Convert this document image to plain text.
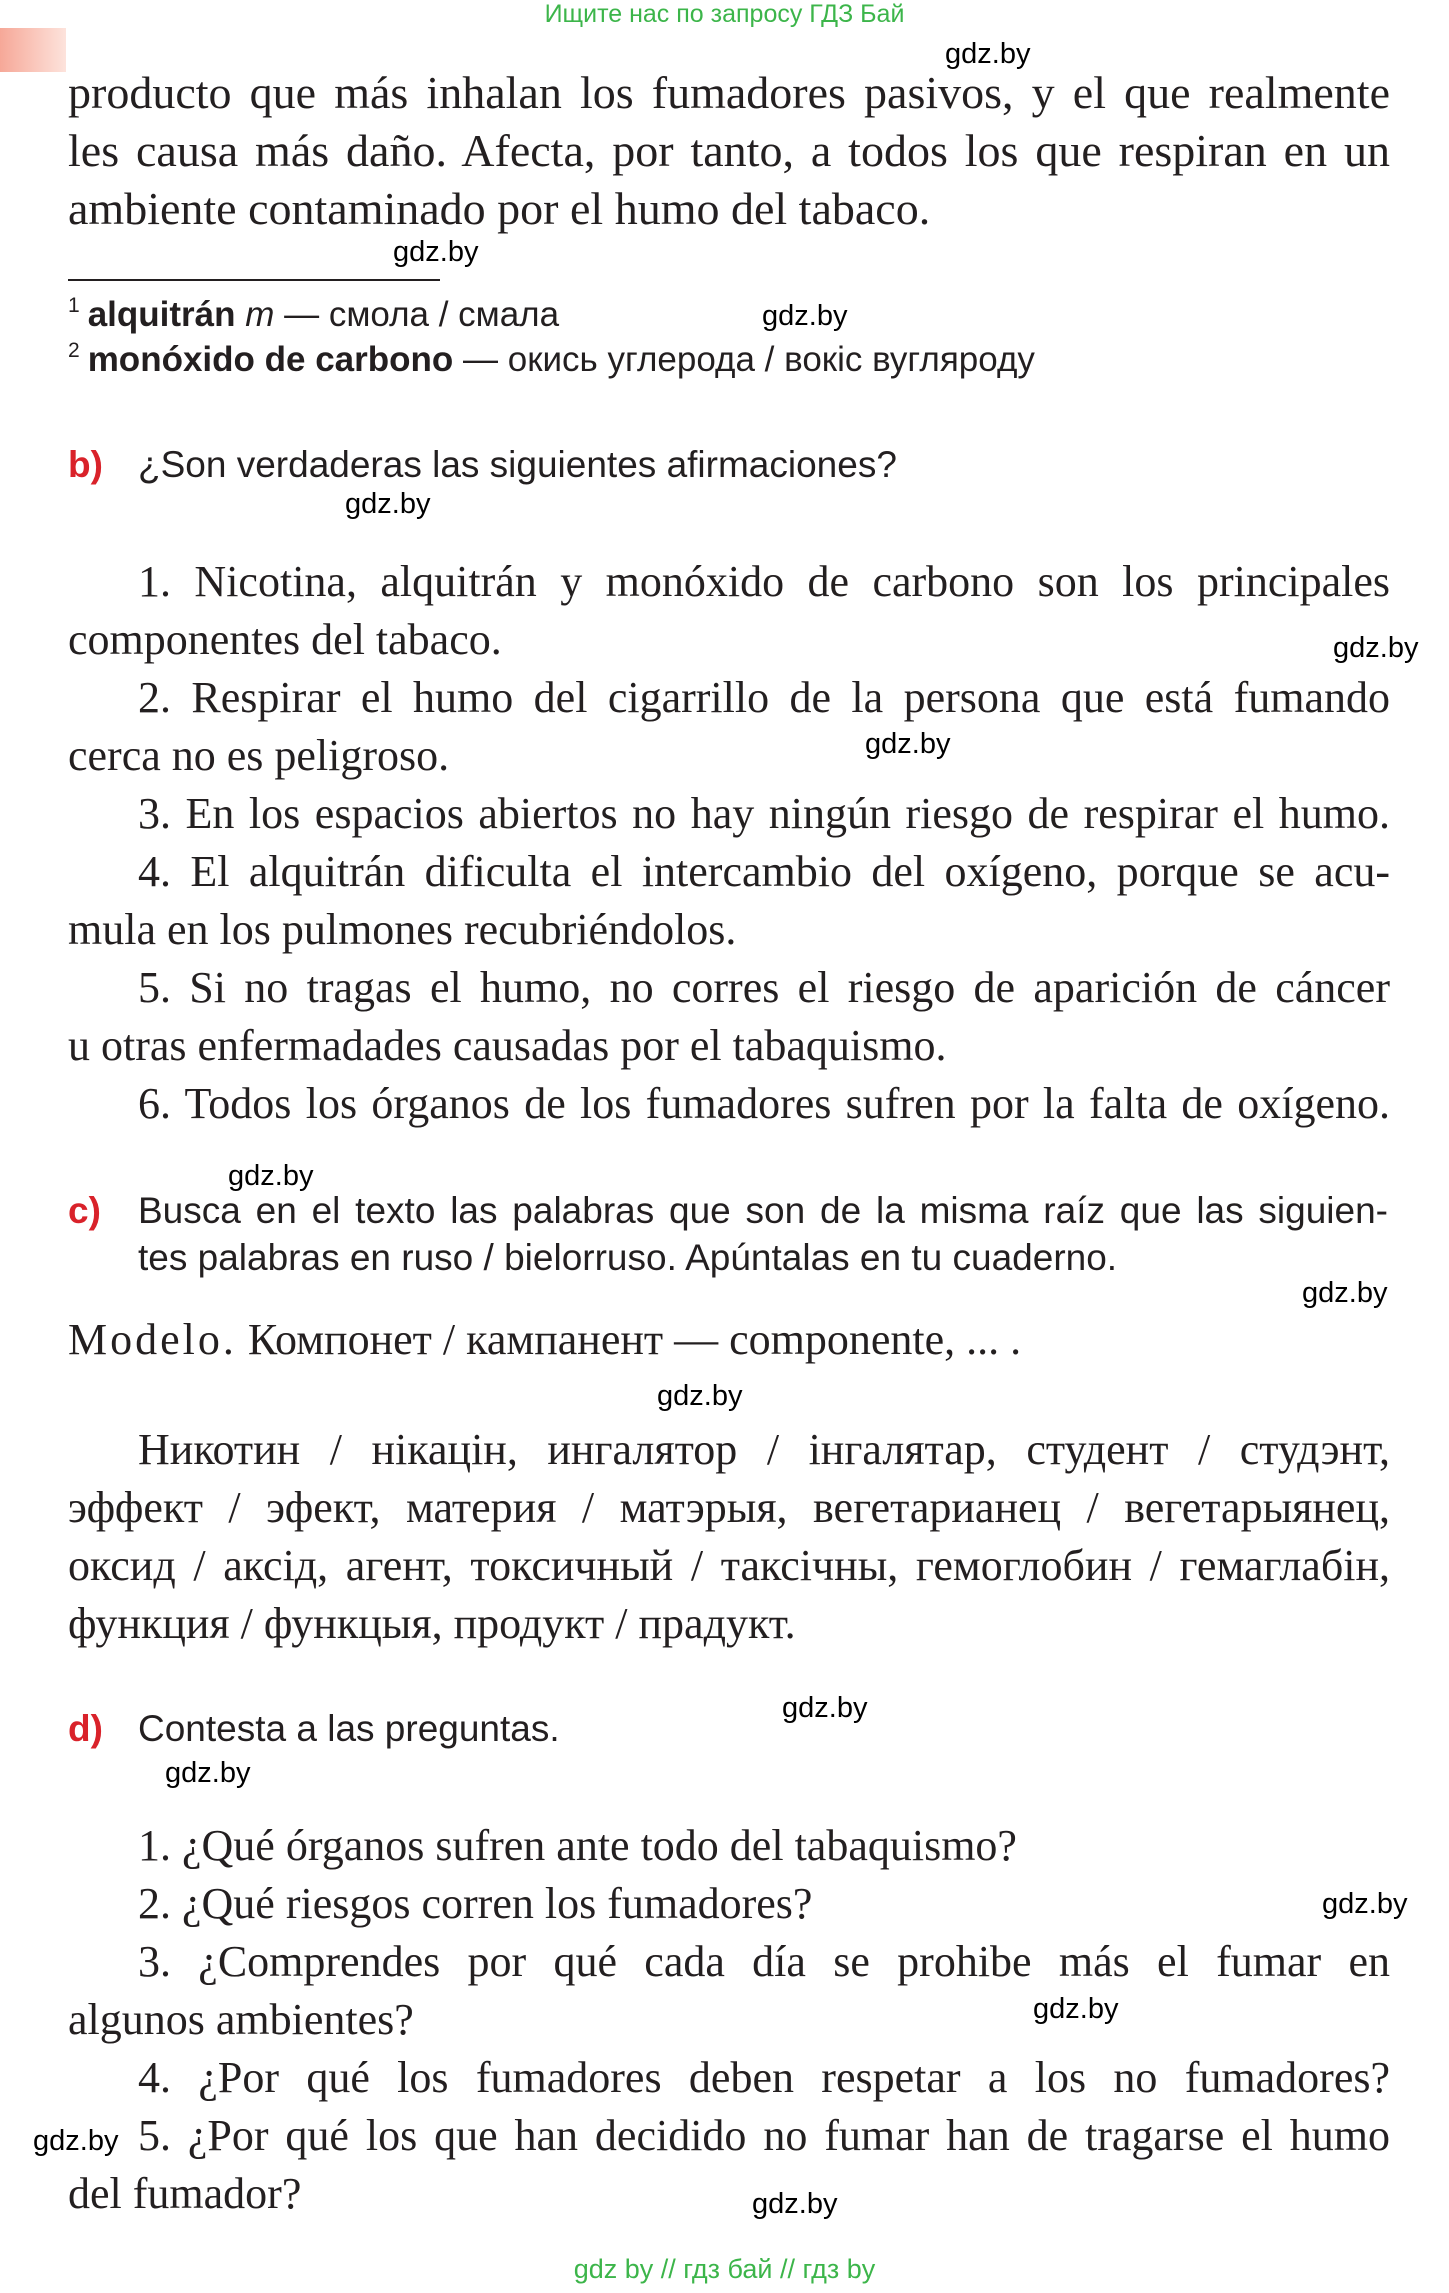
Ищите нас по запросу ГДЗ Бай
producto que más inhalan los fumadores pasivos, y el que realmente
les causa más daño. Afecta, por tanto, a todos los que respiran en un
ambiente contaminado por el humo del tabaco.
$^1$ alquitrán m — смола / смала
$^2$ monóxido de carbono — окись углерода / вокіс вугляроду
b) ¿Son verdaderas las siguientes afirmaciones?
1. Nicotina, alquitrán y monóxido de carbono son los principales
componentes del tabaco.
2. Respirar el humo del cigarrillo de la persona que está fumando
cerca no es peligroso.
3. En los espacios abiertos no hay ningún riesgo de respirar el humo.
4. El alquitrán dificulta el intercambio del oxígeno, porque se acu-
mula en los pulmones recubriéndolos.
5. Si no tragas el humo, no corres el riesgo de aparición de cáncer
u otras enfermadades causadas por el tabaquismo.
6. Todos los órganos de los fumadores sufren por la falta de oxígeno.
c) Busca en el texto las palabras que son de la misma raíz que las siguien-
tes palabras en ruso / bielorruso. Apúntalas en tu cuaderno.
Modelo. Компонет / кампанент — componente, ... .
Никотин / нікацін, ингалятор / інгалятар, студент / студэнт,
эффект / эфект, материя / матэрыя, вегетарианец / вегетарыянец,
оксид / аксід, агент, токсичный / таксічны, гемоглобин / гемаглабін,
функция / функцыя, продукт / прадукт.
d) Contesta a las preguntas.
1. ¿Qué órganos sufren ante todo del tabaquismo?
2. ¿Qué riesgos corren los fumadores?
3. ¿Comprendes por qué cada día se prohibe más el fumar en
algunos ambientes?
4. ¿Por qué los fumadores deben respetar a los no fumadores?
5. ¿Por qué los que han decidido no fumar han de tragarse el humo
del fumador?
gdz.by
gdz.by
gdz.by
gdz.by
gdz.by
gdz.by
gdz.by
gdz.by
gdz.by
gdz.by
gdz.by
gdz.by
gdz.by
gdz.by
gdz.by
gdz by // гдз бай // гдз by
